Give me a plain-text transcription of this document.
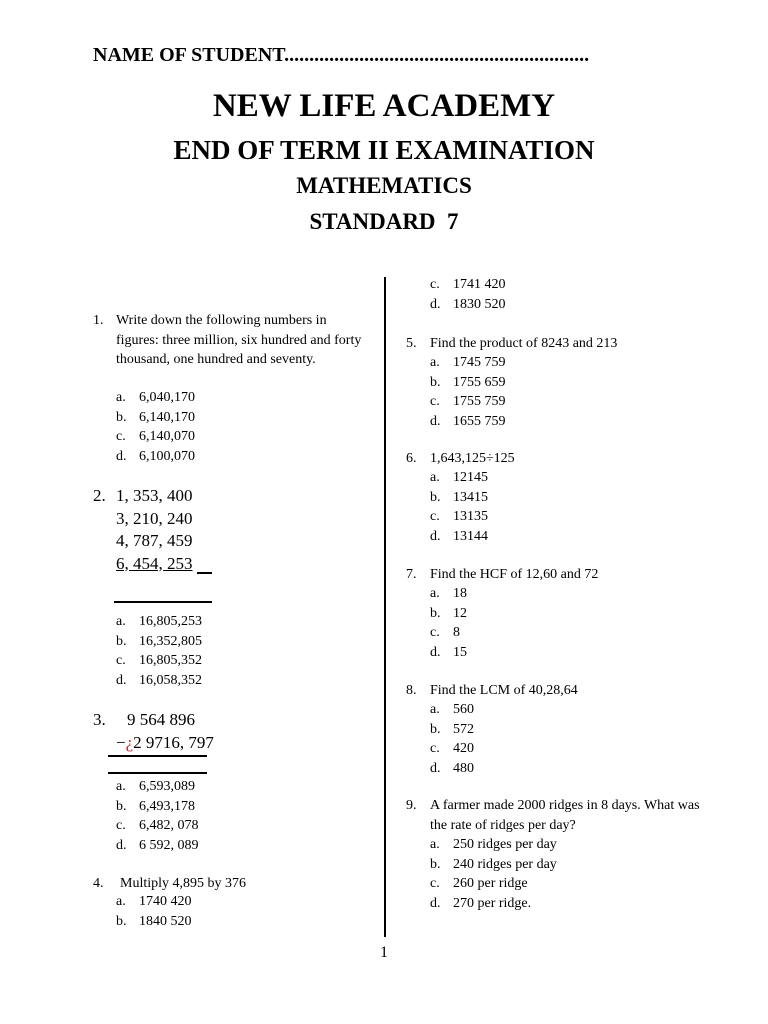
NAME OF STUDENT.............................................................
NEW LIFE ACADEMY
END OF TERM II EXAMINATION
MATHEMATICS
STANDARD  7
1. Write down the following numbers in figures: three million, six hundred and forty thousand, one hundred and seventy.
a. 6,040,170
b. 6,140,170
c. 6,140,070
d. 6,100,070
2. 1, 353, 400
3, 210, 240
4, 787, 459
6, 454, 253
a. 16,805,253
b. 16,352,805
c. 16,805,352
d. 16,058,352
3. 9 564 896
−¿2 9716, 797
a. 6,593,089
b. 6,493,178
c. 6,482, 078
d. 6 592, 089
4. Multiply 4,895 by 376
a. 1740 420
b. 1840 520
c. 1741 420
d. 1830 520
5. Find the product of 8243 and 213
a. 1745 759
b. 1755 659
c. 1755 759
d. 1655 759
6. 1,643,125÷125
a. 12145
b. 13415
c. 13135
d. 13144
7. Find the HCF of 12,60 and 72
a. 18
b. 12
c. 8
d. 15
8. Find the LCM of 40,28,64
a. 560
b. 572
c. 420
d. 480
9. A farmer made 2000 ridges in 8 days. What was the rate of ridges per day?
a. 250 ridges per day
b. 240 ridges per day
c. 260 per ridge
d. 270 per ridge.
1
